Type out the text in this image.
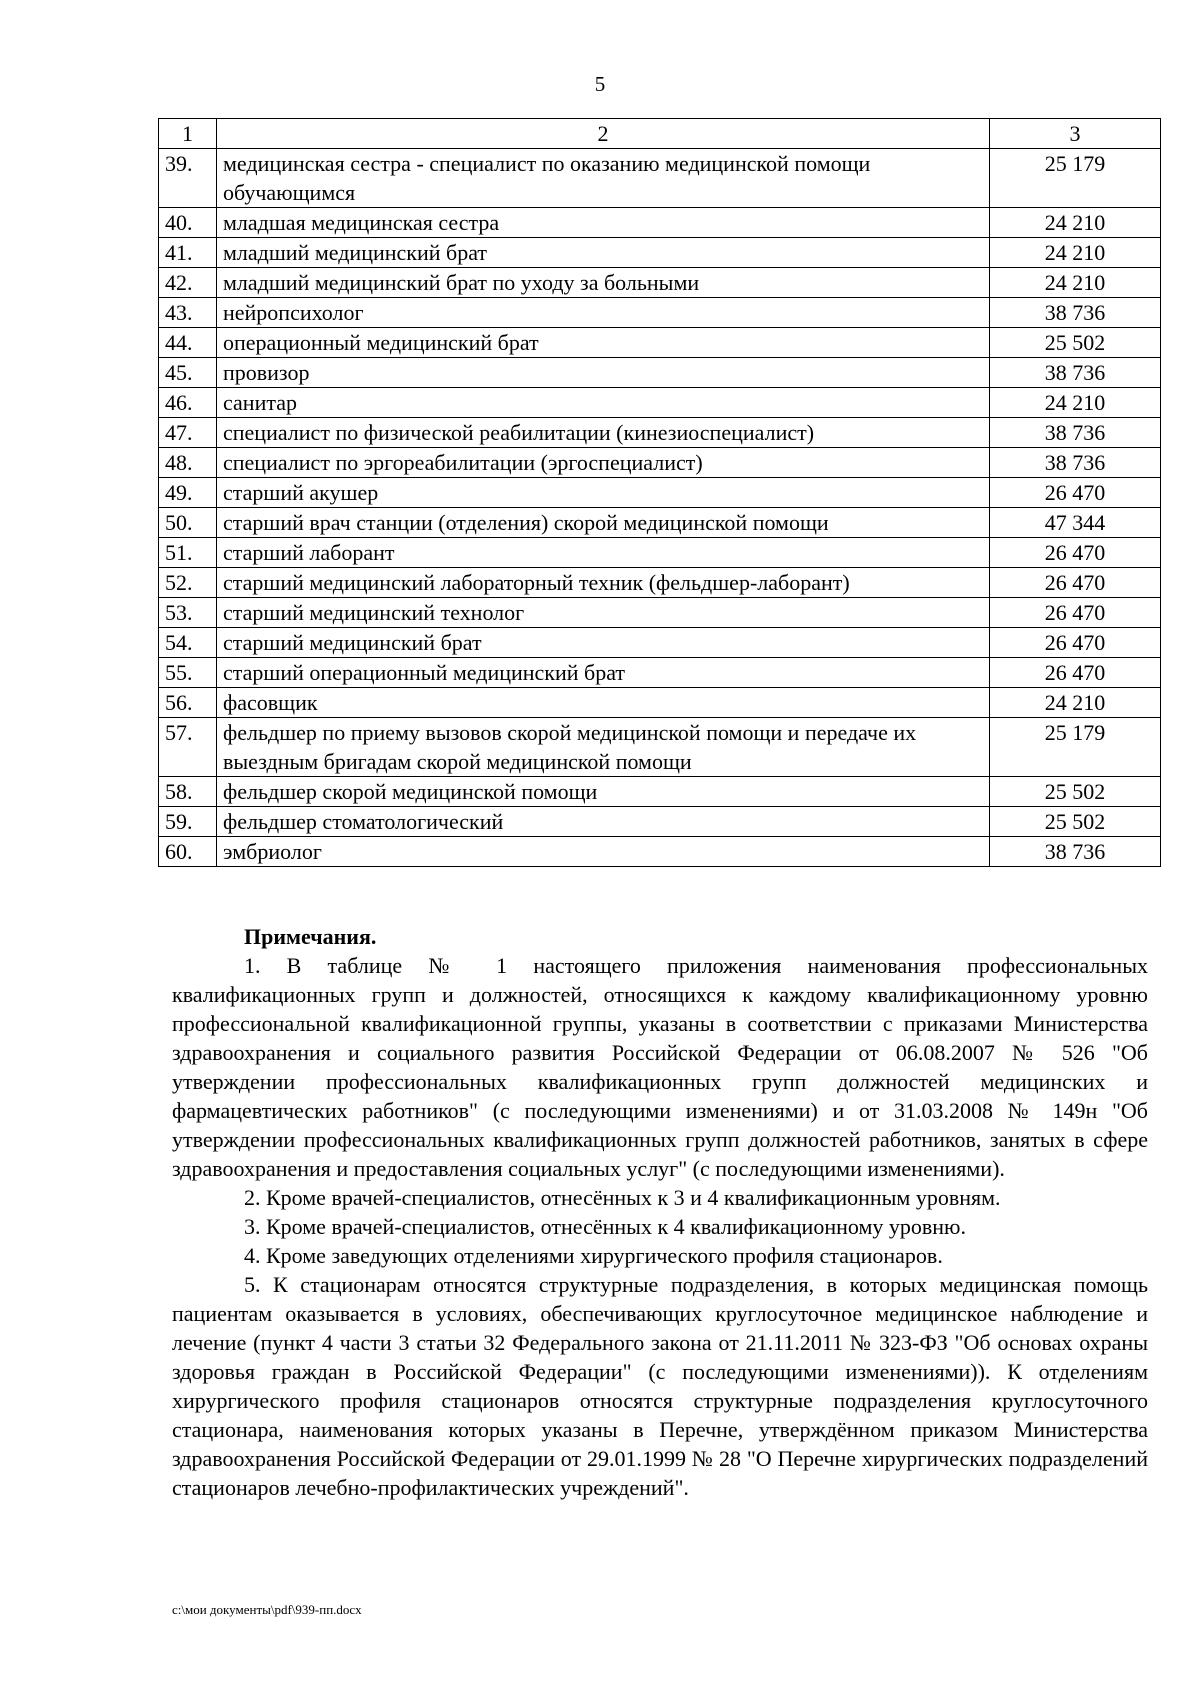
5
1	2	3
39.	медицинская сестра - специалист по оказанию медицинской помощи обучающимся	25 179
40.	младшая медицинская сестра	24 210
41.	младший медицинский брат	24 210
42.	младший медицинский брат по уходу за больными	24 210
43.	нейропсихолог	38 736
44.	операционный медицинский брат	25 502
45.	провизор	38 736
46.	санитар	24 210
47.	специалист по физической реабилитации (кинезиоспециалист)	38 736
48.	специалист по эргореабилитации (эргоспециалист)	38 736
49.	старший акушер	26 470
50.	старший врач станции (отделения) скорой медицинской помощи	47 344
51.	старший лаборант	26 470
52.	старший медицинский лабораторный техник (фельдшер-лаборант)	26 470
53.	старший медицинский технолог	26 470
54.	старший медицинский брат	26 470
55.	старший операционный медицинский брат	26 470
56.	фасовщик	24 210
57.	фельдшер по приему вызовов скорой медицинской помощи и передаче их выездным бригадам скорой медицинской помощи	25 179
58.	фельдшер скорой медицинской помощи	25 502
59.	фельдшер стоматологический	25 502
60.	эмбриолог	38 736
Примечания.

1. В таблице № 1 настоящего приложения наименования профессиональных квалификационных групп и должностей, относящихся к каждому квалификационному уровню профессиональной квалификационной группы, указаны в соответствии с приказами Министерства здравоохранения и социального развития Российской Федерации от 06.08.2007 № 526 "Об утверждении профессиональных квалификационных групп должностей медицинских и фармацевтических работников" (с последующими изменениями) и от 31.03.2008 № 149н "Об утверждении профессиональных квалификационных групп должностей работников, занятых в сфере здравоохранения и предоставления социальных услуг" (с последующими изменениями).

2. Кроме врачей-специалистов, отнесённых к 3 и 4 квалификационным уровням.

3. Кроме врачей-специалистов, отнесённых к 4 квалификационному уровню.

4. Кроме заведующих отделениями хирургического профиля стационаров.

5. К стационарам относятся структурные подразделения, в которых медицинская помощь пациентам оказывается в условиях, обеспечивающих круглосуточное медицинское наблюдение и лечение (пункт 4 части 3 статьи 32 Федерального закона от 21.11.2011 № 323-ФЗ "Об основах охраны здоровья граждан в Российской Федерации" (с последующими изменениями)). К отделениям хирургического профиля стационаров относятся структурные подразделения круглосуточного стационара, наименования которых указаны в Перечне, утверждённом приказом Министерства здравоохранения Российской Федерации от 29.01.1999 № 28 "О Перечне хирургических подразделений стационаров лечебно-профилактических учреждений".

c:\мои документы\pdf\939-пп.docx
